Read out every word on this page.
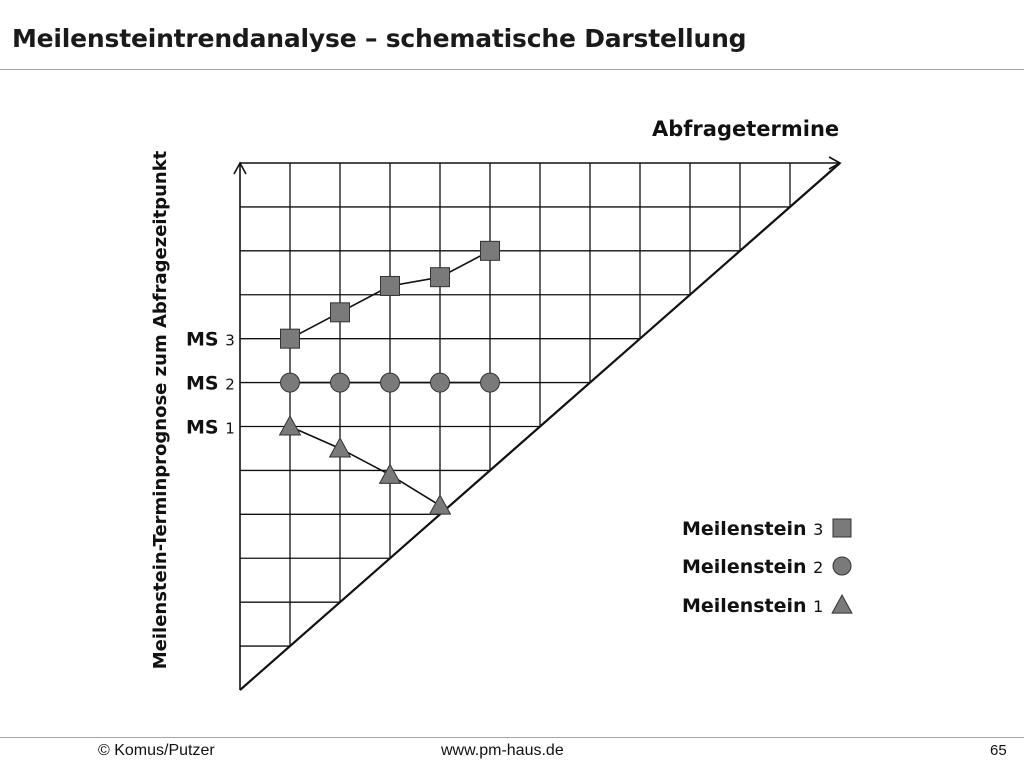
Meilensteintrendanalyse – schematische Darstellung
Abfragetermine
Meilenstein-Terminprognose zum Abfragezeitpunkt MS 3
MS 2
MS 1
Meilenstein 3
Meilenstein 2
Meilenstein 1
© Komus/Putzer	www.pm-haus.de	65
